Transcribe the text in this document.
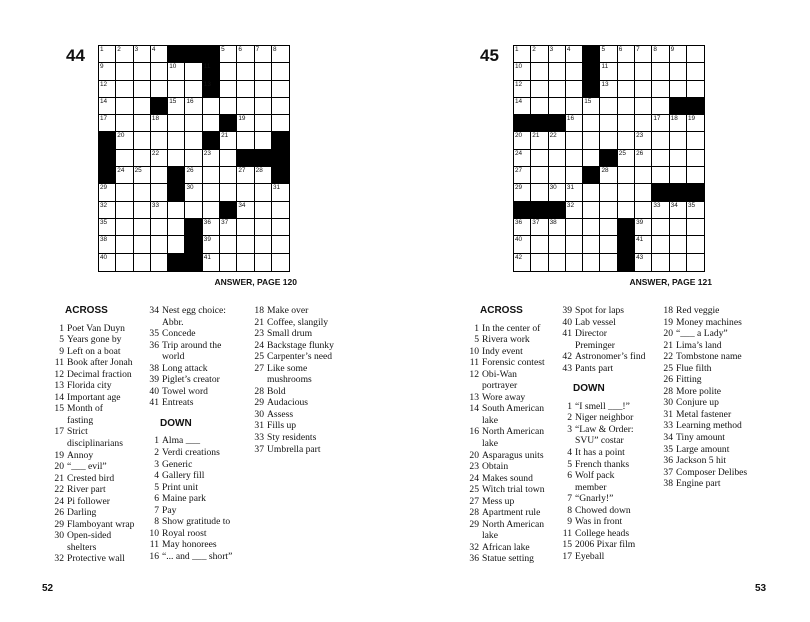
44 1 2 3 4	5 6 7 8
9	10	11
12	13
14	15 16
17	18	19
20	21
22	23
24 25	26	27 28
29	30	31
32	33	34
35	36 37
38	39
40	41
ANSWER, PAGE 120
ACROSS
1 Poet Van Duyn
5 Years gone by
9 Left on a boat
11 Book after Jonah
12 Decimal fraction
13 Florida city
14 Important age
15 Month of
fasting
17 Strict
disciplinarians
19 Annoy
20 “___ evil”
21 Crested bird
22 River part
24 Pi follower
26 Darling
29 Flamboyant wrap
30 Open-sided
shelters
32 Protective wall
34 Nest egg choice:
Abbr.
35 Concede
36 Trip around the
world
38 Long attack
39 Piglet’s creator
40 Towel word
41 Entreats
DOWN
1 Alma ___
2 Verdi creations
3 Generic
4 Gallery fill
5 Print unit
6 Maine park
7 Pay
8 Show gratitude to
10 Royal roost
11 May honorees
16 “... and ___ short”
18 Make over
21 Coffee, slangily
23 Small drum
24 Backstage flunky
25 Carpenter’s need
27 Like some
mushrooms
28 Bold
29 Audacious
30 Assess
31 Fills up
33 Sty residents
37 Umbrella part
52
45	1 2 3 4	5 6 7 8 9
10	11
12	13
14	15
16	17 18 19
20 21 22	23
24	25 26
27	28
29	30 31
32	33 34 35
36 37 38	39
40	41
42	43
ANSWER, PAGE 121
ACROSS
1 In the center of
5 Rivera work
10 Indy event
11 Forensic contest
12 Obi-Wan
portrayer
13 Wore away
14 South American
lake
16 North American
lake
20 Asparagus units
23 Obtain
24 Makes sound
25 Witch trial town
27 Mess up
28 Apartment rule
29 North American
lake
32 African lake
36 Statue setting
39 Spot for laps
40 Lab vessel
41 Director
Preminger
42 Astronomer’s find
43 Pants part
DOWN
1 “I smell ___!”
2 Niger neighbor
3 “Law & Order:
SVU” costar
4 It has a point
5 French thanks
6 Wolf pack
member
7 “Gnarly!”
8 Chowed down
9 Was in front
11 College heads
15 2006 Pixar film
17 Eyeball
18 Red veggie
19 Money machines
20 “___ a Lady”
21 Lima’s land
22 Tombstone name
25 Flue filth
26 Fitting
28 More polite
30 Conjure up
31 Metal fastener
33 Learning method
34 Tiny amount
35 Large amount
36 Jackson 5 hit
37 Composer Delibes
38 Engine part
53
